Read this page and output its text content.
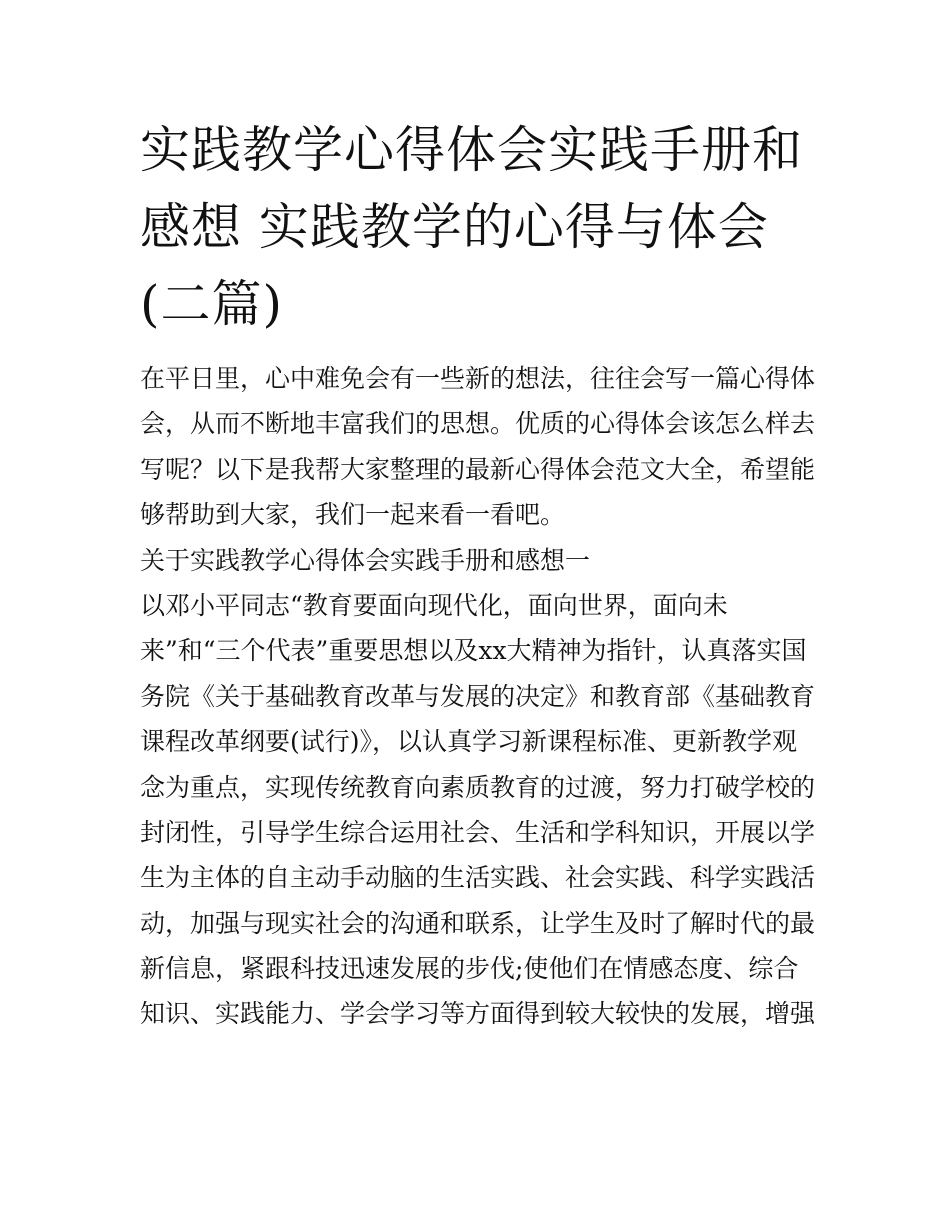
实践教学心得体会实践手册和
感想 实践教学的心得与体会
(二篇)
在平日里，心中难免会有一些新的想法，往往会写一篇心得体
会，从而不断地丰富我们的思想。优质的心得体会该怎么样去
写呢？以下是我帮大家整理的最新心得体会范文大全，希望能
够帮助到大家，我们一起来看一看吧。
关于实践教学心得体会实践手册和感想一
以邓小平同志“教育要面向现代化，面向世界，面向未
来”和“三个代表”重要思想以及xx大精神为指针，认真落实国
务院《关于基础教育改革与发展的决定》和教育部《基础教育
课程改革纲要(试行)》，以认真学习新课程标准、更新教学观
念为重点，实现传统教育向素质教育的过渡，努力打破学校的
封闭性，引导学生综合运用社会、生活和学科知识，开展以学
生为主体的自主动手动脑的生活实践、社会实践、科学实践活
动，加强与现实社会的沟通和联系，让学生及时了解时代的最
新信息，紧跟科技迅速发展的步伐;使他们在情感态度、综合
知识、实践能力、学会学习等方面得到较大较快的发展，增强
